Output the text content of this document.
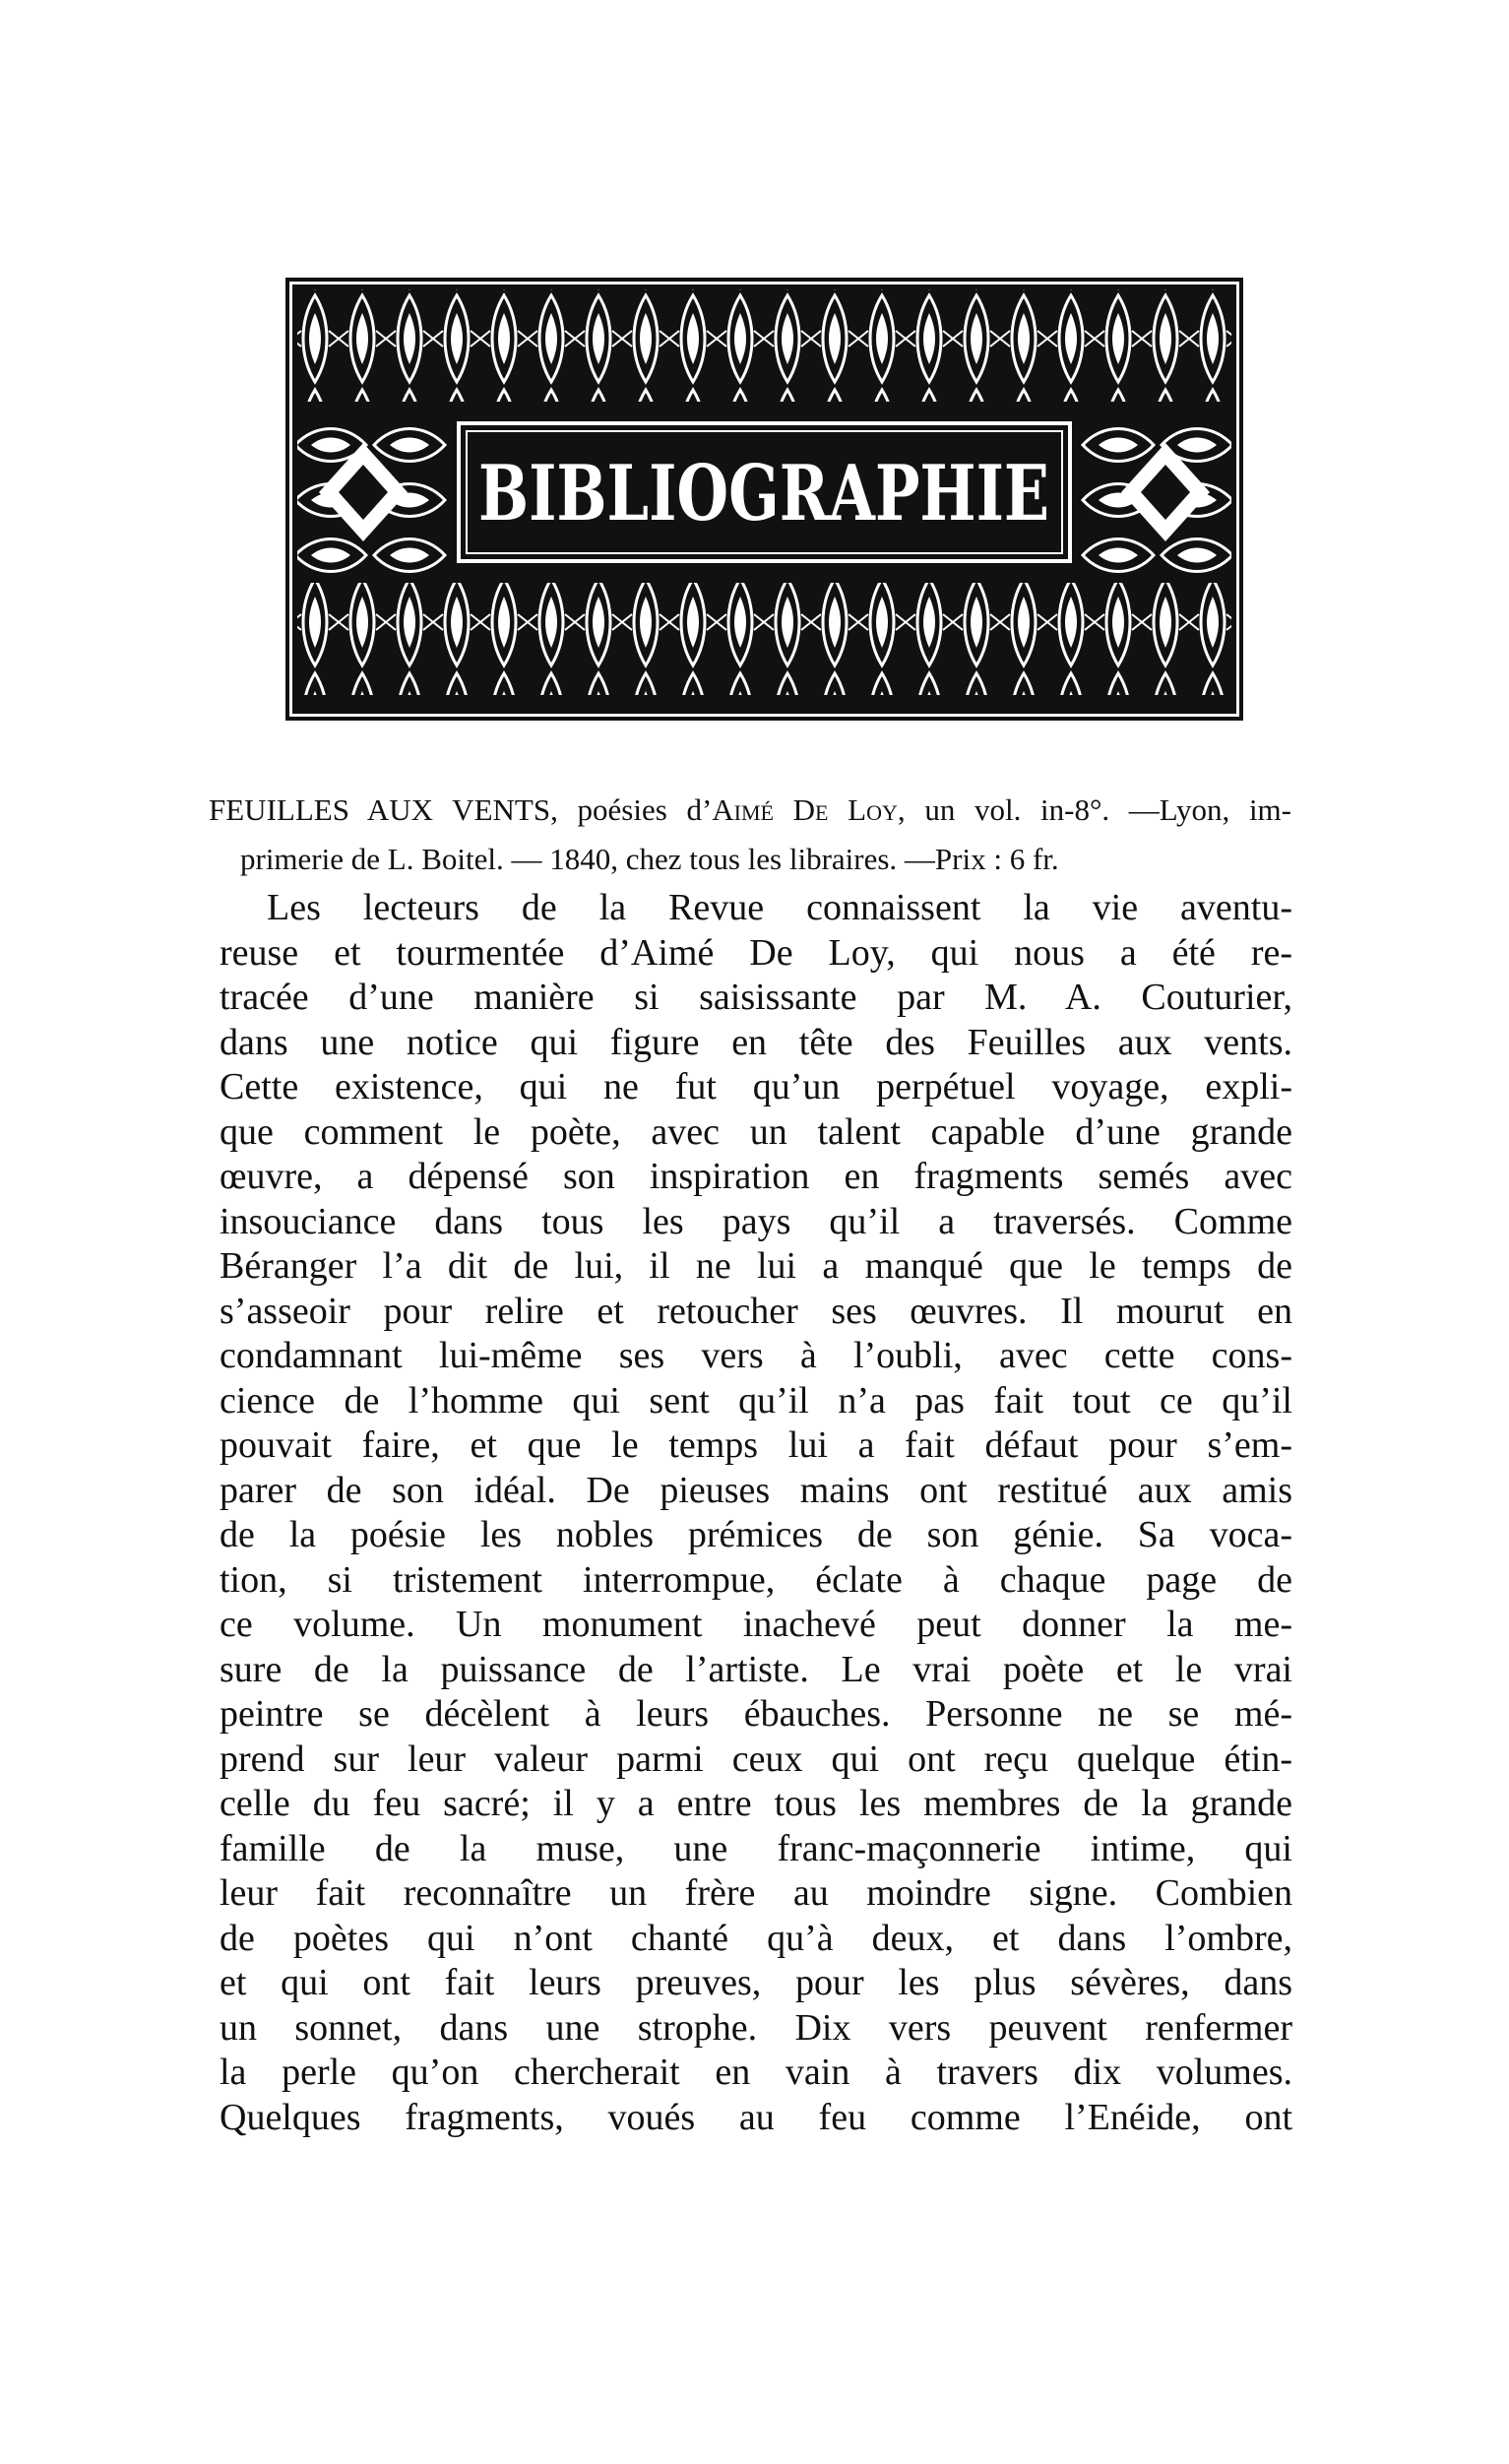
BIBLIOGRAPHIE
FEUILLES AUX VENTS, poésies d’Aimé De Loy, un vol. in-8°. —Lyon, im-
primerie de L. Boitel. — 1840, chez tous les libraires. —Prix : 6 fr.
Les lecteurs de la Revue connaissent la vie aventu-
reuse et tourmentée d’Aimé De Loy, qui nous a été re-
tracée d’une manière si saisissante par M. A. Couturier,
dans une notice qui figure en tête des Feuilles aux vents.
Cette existence, qui ne fut qu’un perpétuel voyage, expli-
que comment le poète, avec un talent capable d’une grande
œuvre, a dépensé son inspiration en fragments semés avec
insouciance dans tous les pays qu’il a traversés. Comme
Béranger l’a dit de lui, il ne lui a manqué que le temps de
s’asseoir pour relire et retoucher ses œuvres. Il mourut en
condamnant lui-même ses vers à l’oubli, avec cette cons-
cience de l’homme qui sent qu’il n’a pas fait tout ce qu’il
pouvait faire, et que le temps lui a fait défaut pour s’em-
parer de son idéal. De pieuses mains ont restitué aux amis
de la poésie les nobles prémices de son génie. Sa voca-
tion, si tristement interrompue, éclate à chaque page de
ce volume. Un monument inachevé peut donner la me-
sure de la puissance de l’artiste. Le vrai poète et le vrai
peintre se décèlent à leurs ébauches. Personne ne se mé-
prend sur leur valeur parmi ceux qui ont reçu quelque étin-
celle du feu sacré; il y a entre tous les membres de la grande
famille de la muse, une franc-maçonnerie intime, qui
leur fait reconnaître un frère au moindre signe. Combien
de poètes qui n’ont chanté qu’à deux, et dans l’ombre,
et qui ont fait leurs preuves, pour les plus sévères, dans
un sonnet, dans une strophe. Dix vers peuvent renfermer
la perle qu’on chercherait en vain à travers dix volumes.
Quelques fragments, voués au feu comme l’Enéide, ont
